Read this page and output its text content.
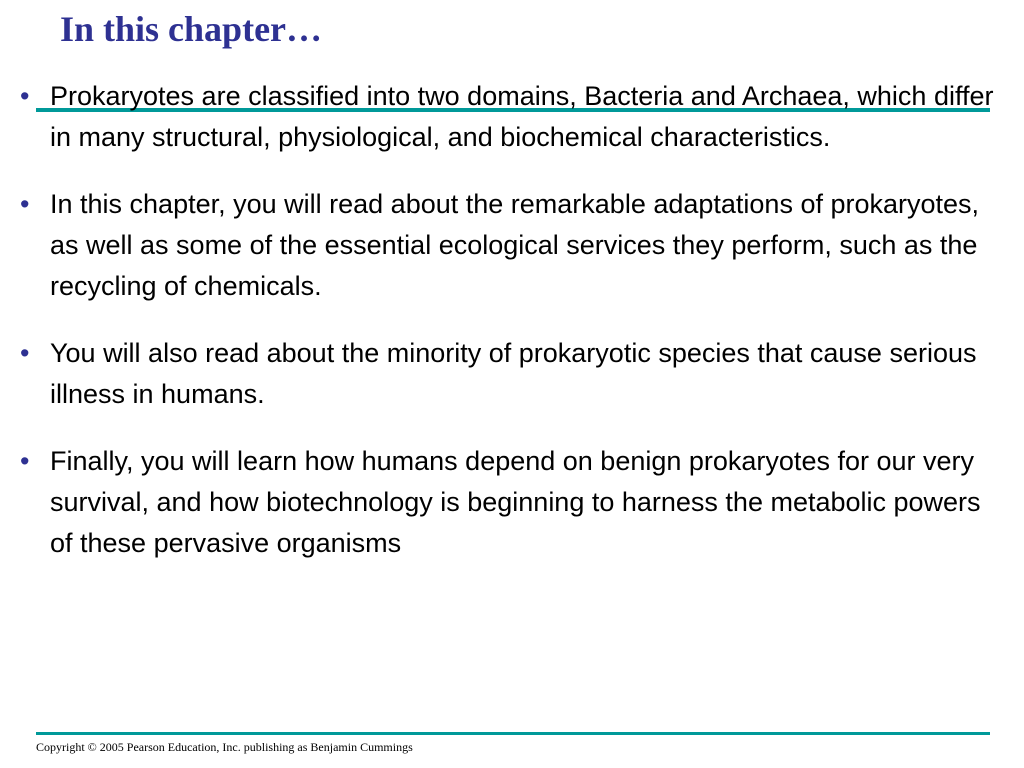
In this chapter…
• Prokaryotes are classified into two domains, Bacteria and Archaea, which differ in many structural, physiological, and biochemical characteristics.
• In this chapter, you will read about the remarkable adaptations of prokaryotes, as well as some of the essential ecological services they perform, such as the recycling of chemicals.
• You will also read about the minority of prokaryotic species that cause serious illness in humans.
• Finally, you will learn how humans depend on benign prokaryotes for our very survival, and how biotechnology is beginning to harness the metabolic powers of these pervasive organisms
Copyright © 2005 Pearson Education, Inc. publishing as Benjamin Cummings
